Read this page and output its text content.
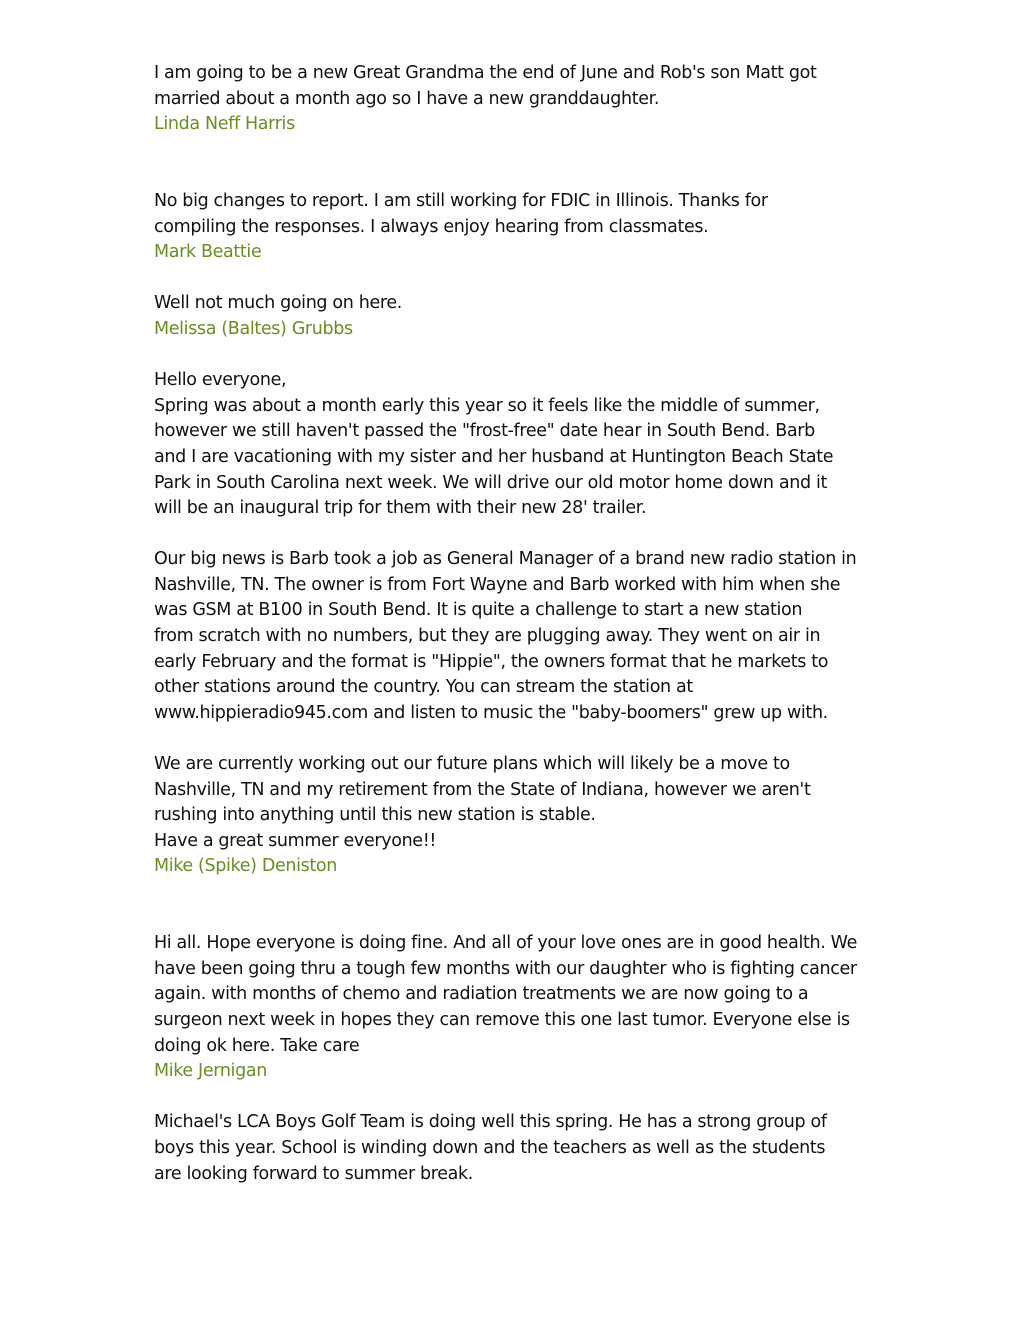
I am going to be a new Great Grandma the end of June and Rob's son Matt got
married about a month ago so I have a new granddaughter.
Linda Neff Harris
No big changes to report. I am still working for FDIC in Illinois. Thanks for
compiling the responses. I always enjoy hearing from classmates.
Mark Beattie
Well not much going on here.
Melissa (Baltes) Grubbs
Hello everyone,
Spring was about a month early this year so it feels like the middle of summer,
however we still haven't passed the "frost-free" date hear in South Bend. Barb
and I are vacationing with my sister and her husband at Huntington Beach State
Park in South Carolina next week. We will drive our old motor home down and it
will be an inaugural trip for them with their new 28' trailer.
Our big news is Barb took a job as General Manager of a brand new radio station in
Nashville, TN. The owner is from Fort Wayne and Barb worked with him when she
was GSM at B100 in South Bend. It is quite a challenge to start a new station
from scratch with no numbers, but they are plugging away. They went on air in
early February and the format is "Hippie", the owners format that he markets to
other stations around the country. You can stream the station at
www.hippieradio945.com and listen to music the "baby-boomers" grew up with.
We are currently working out our future plans which will likely be a move to
Nashville, TN and my retirement from the State of Indiana, however we aren't
rushing into anything until this new station is stable.
Have a great summer everyone!!
Mike (Spike) Deniston
Hi all. Hope everyone is doing fine. And all of your love ones are in good health. We
have been going thru a tough few months with our daughter who is fighting cancer
again. with months of chemo and radiation treatments we are now going to a
surgeon next week in hopes they can remove this one last tumor. Everyone else is
doing ok here. Take care
Mike Jernigan
Michael's LCA Boys Golf Team is doing well this spring. He has a strong group of
boys this year. School is winding down and the teachers as well as the students
are looking forward to summer break.
